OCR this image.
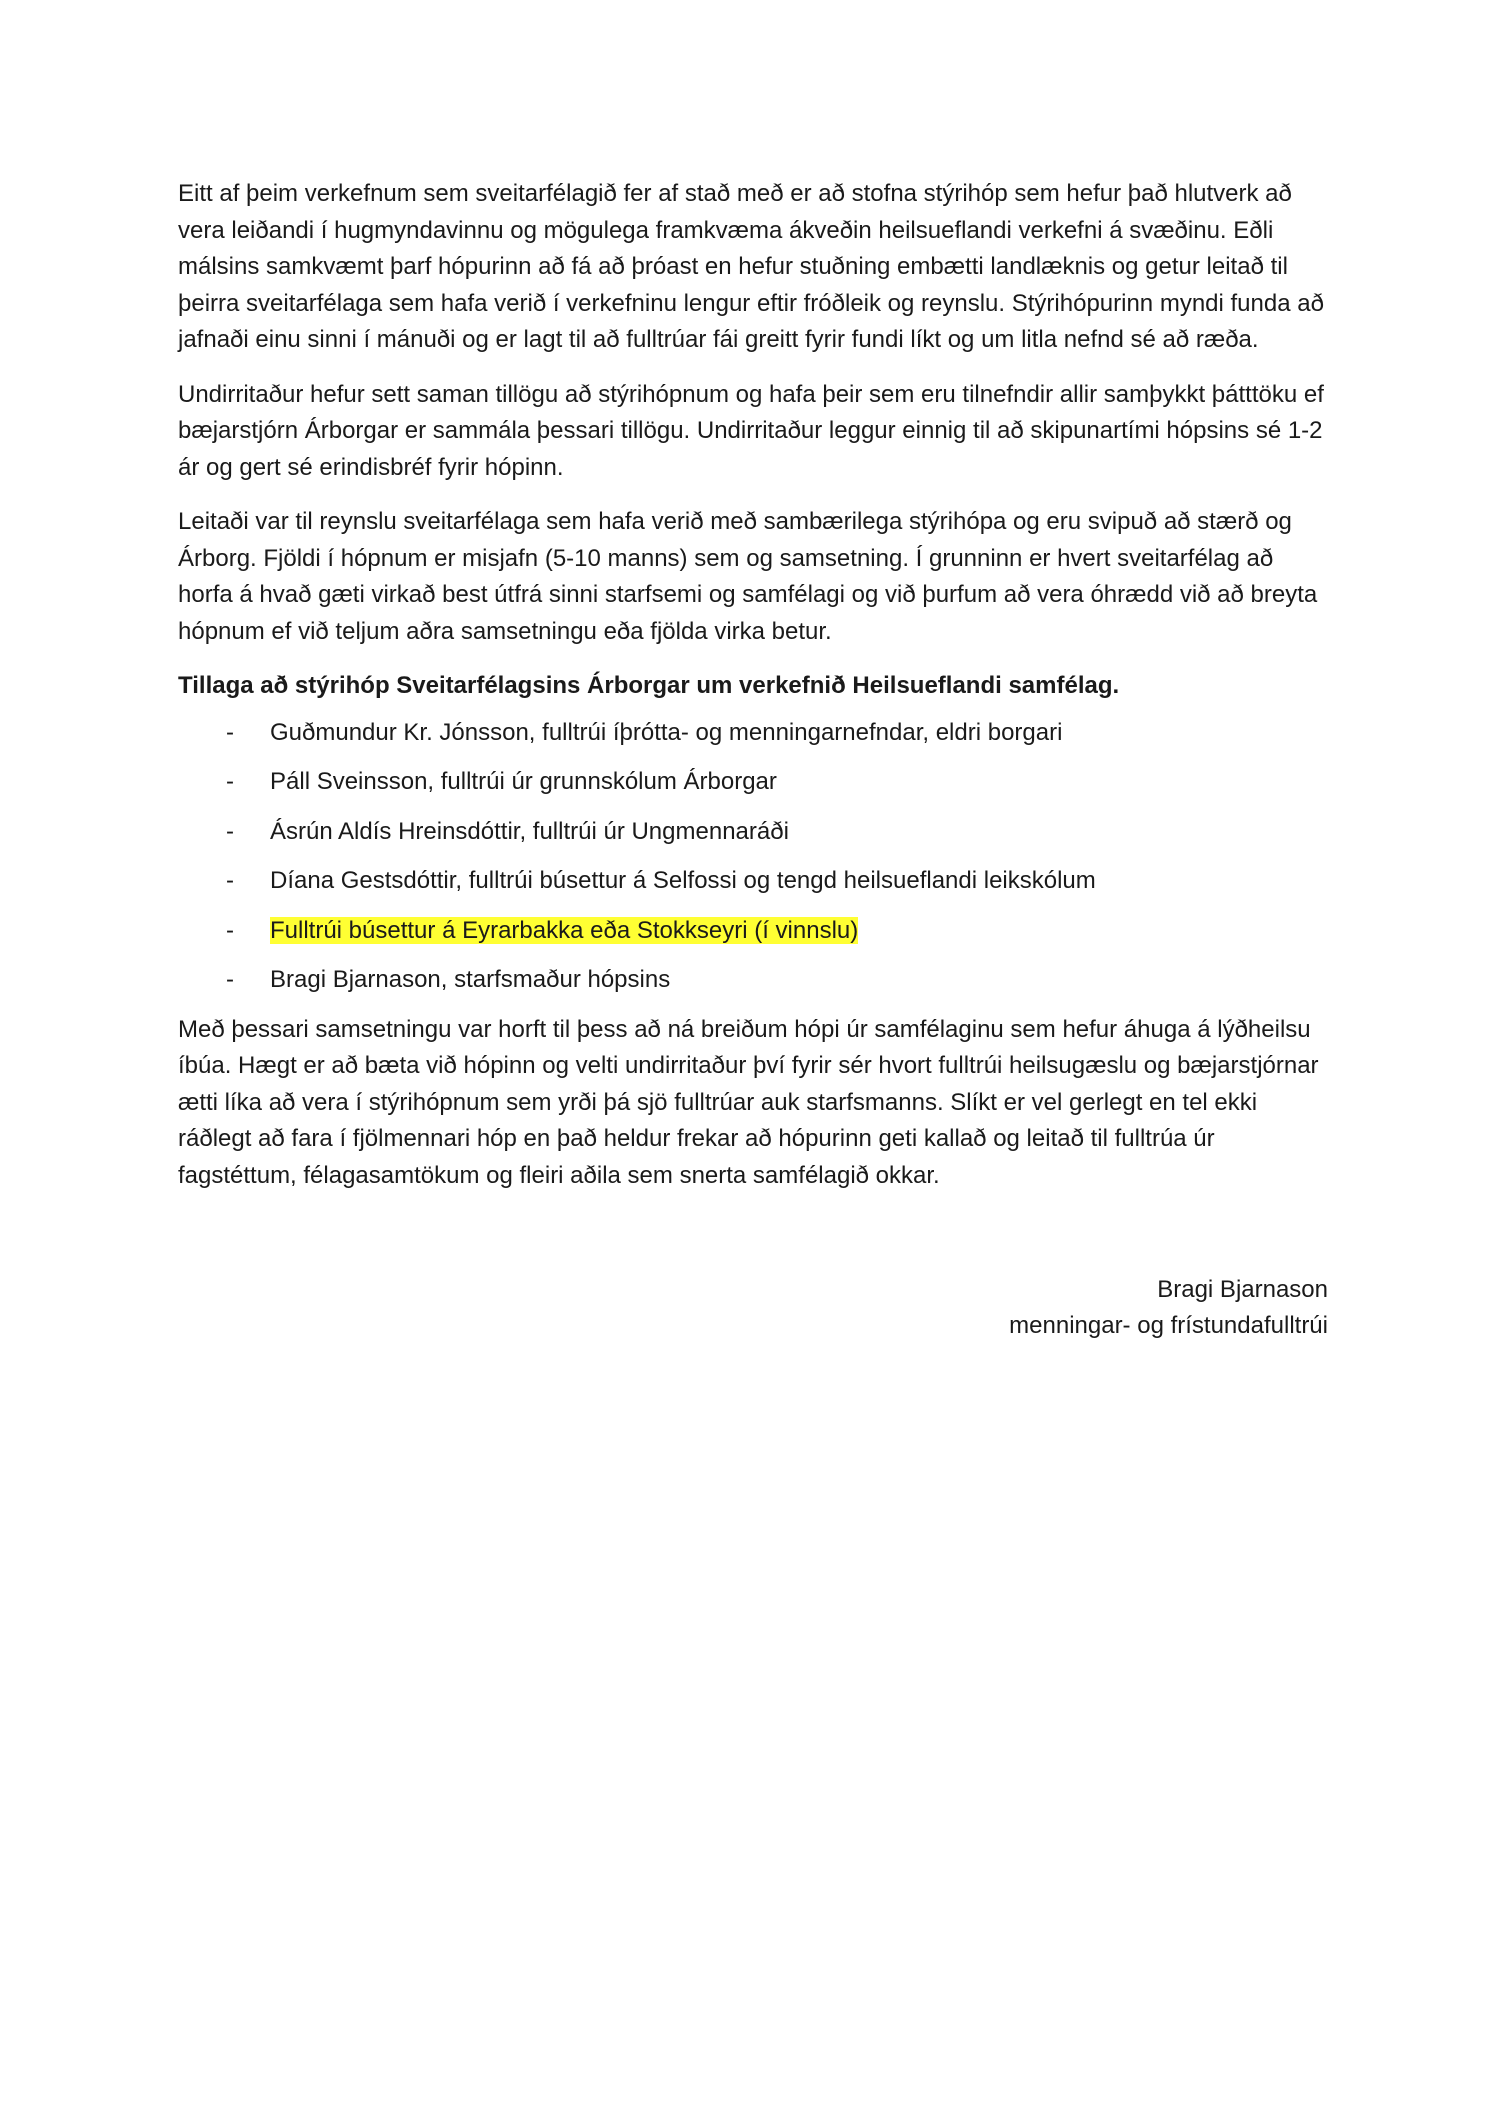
Eitt af þeim verkefnum sem sveitarfélagið fer af stað með er að stofna stýrihóp sem hefur það hlutverk að vera leiðandi í hugmyndavinnu og mögulega framkvæma ákveðin heilsueflandi verkefni á svæðinu. Eðli málsins samkvæmt þarf hópurinn að fá að þróast en hefur stuðning embætti landlæknis og getur leitað til þeirra sveitarfélaga sem hafa verið í verkefninu lengur eftir fróðleik og reynslu. Stýrihópurinn myndi funda að jafnaði einu sinni í mánuði og er lagt til að fulltrúar fái greitt fyrir fundi líkt og um litla nefnd sé að ræða.

Undirritaður hefur sett saman tillögu að stýrihópnum og hafa þeir sem eru tilnefndir allir samþykkt þátttöku ef bæjarstjórn Árborgar er sammála þessari tillögu. Undirritaður leggur einnig til að skipunartími hópsins sé 1-2 ár og gert sé erindisbréf fyrir hópinn.

Leitaði var til reynslu sveitarfélaga sem hafa verið með sambærilega stýrihópa og eru svipuð að stærð og Árborg. Fjöldi í hópnum er misjafn (5-10 manns) sem og samsetning. Í grunninn er hvert sveitarfélag að horfa á hvað gæti virkað best útfrá sinni starfsemi og samfélagi og við þurfum að vera óhrædd við að breyta hópnum ef við teljum aðra samsetningu eða fjölda virka betur.

Tillaga að stýrihóp Sveitarfélagsins Árborgar um verkefnið Heilsueflandi samfélag.

- Guðmundur Kr. Jónsson, fulltrúi íþrótta- og menningarnefndar, eldri borgari
- Páll Sveinsson, fulltrúi úr grunnskólum Árborgar
- Ásrún Aldís Hreinsdóttir, fulltrúi úr Ungmennaráði
- Díana Gestsdóttir, fulltrúi búsettur á Selfossi og tengd heilsueflandi leikskólum
- Fulltrúi búsettur á Eyrarbakka eða Stokkseyri (í vinnslu)
- Bragi Bjarnason, starfsmaður hópsins

Með þessari samsetningu var horft til þess að ná breiðum hópi úr samfélaginu sem hefur áhuga á lýðheilsu íbúa. Hægt er að bæta við hópinn og velti undirritaður því fyrir sér hvort fulltrúi heilsugæslu og bæjarstjórnar ætti líka að vera í stýrihópnum sem yrði þá sjö fulltrúar auk starfsmanns. Slíkt er vel gerlegt en tel ekki ráðlegt að fara í fjölmennari hóp en það heldur frekar að hópurinn geti kallað og leitað til fulltrúa úr fagstéttum, félagasamtökum og fleiri aðila sem snerta samfélagið okkar.

Bragi Bjarnason
menningar- og frístundafulltrúi
